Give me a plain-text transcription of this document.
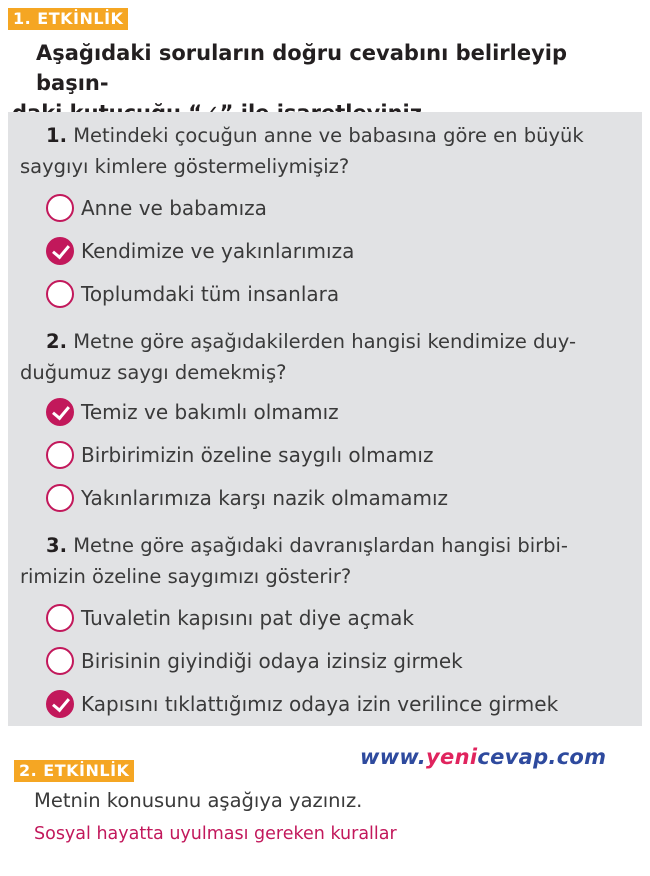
1. ETKİNLİK
Aşağıdaki soruların doğru cevabını belirleyip başın-
1. Metindeki çocuğun anne ve babasına göre en büyük
saygıyı kimlere göstermeliymişiz?
Anne ve babamıza
Kendimize ve yakınlarımıza
Toplumdaki tüm insanlara
2. Metne göre aşağıdakilerden hangisi kendimize duy-
duğumuz saygı demekmiş?
Temiz ve bakımlı olmamız
Birbirimizin özeline saygılı olmamız
Yakınlarımıza karşı nazik olmamamız
3. Metne göre aşağıdaki davranışlardan hangisi birbi-
rimizin özeline saygımızı gösterir?
Tuvaletin kapısını pat diye açmak
Birisinin giyindiği odaya izinsiz girmek
Kapısını tıklattığımız odaya izin verilince girmek
www.yenicevap.com
2. ETKİNLİK
Metnin konusunu aşağıya yazınız.
Sosyal hayatta uyulması gereken kurallar
